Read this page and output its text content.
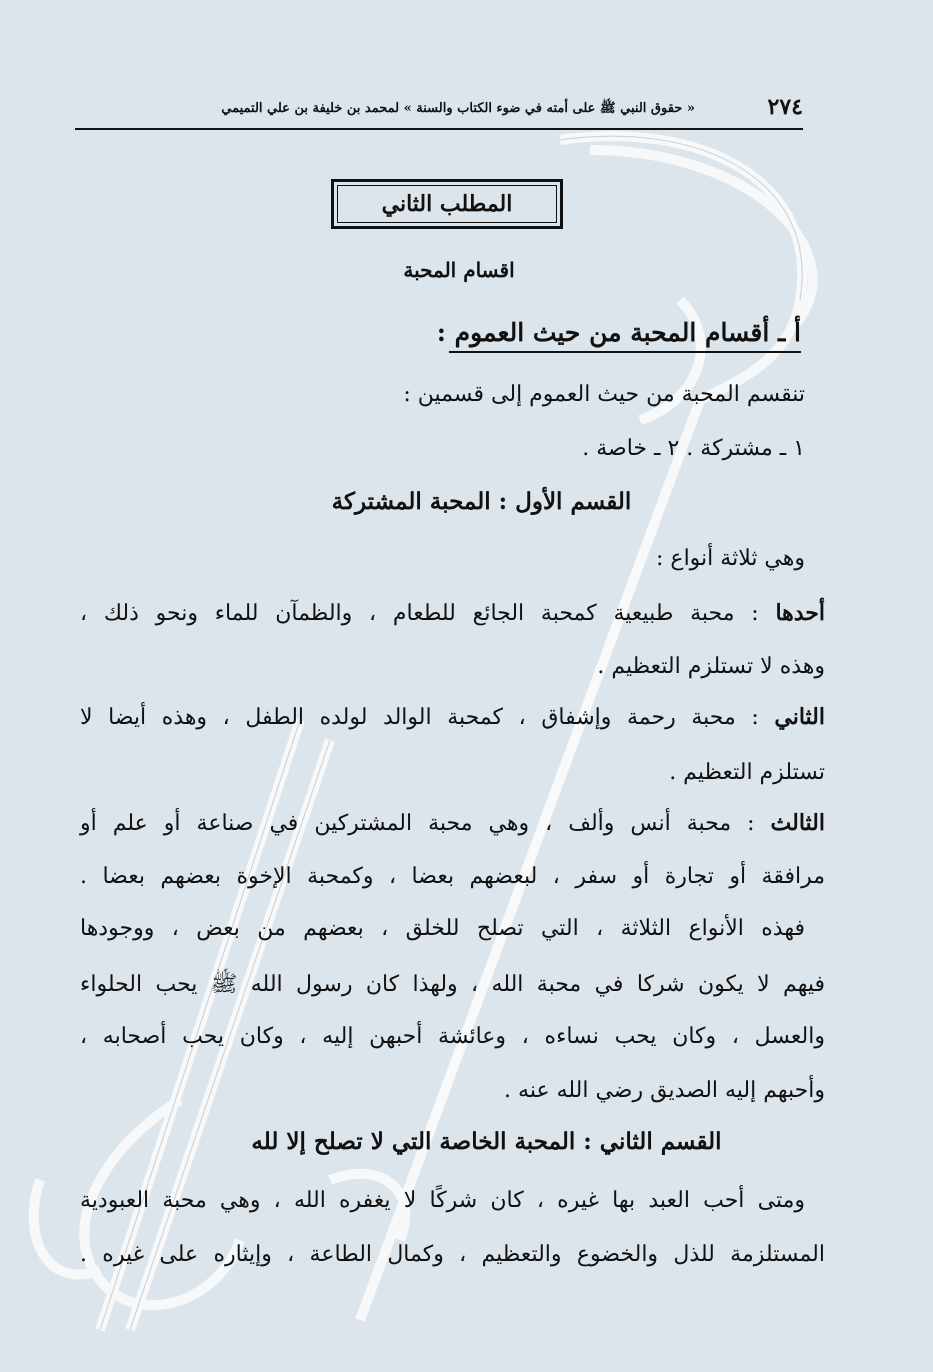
٢٧٤
« حقوق النبي ﷺ على أمته في ضوء الكتاب والسنة » لمحمد بن خليفة بن علي التميمي
المطلب الثاني
اقسام المحبة
أ ـ أقسام المحبة من حيث العموم :
تنقسم المحبة من حيث العموم إلى قسمين :
١ ـ مشتركة . ٢ ـ خاصة .
القسم الأول : المحبة المشتركة
وهي ثلاثة أنواع :
أحدها : محبة طبيعية كمحبة الجائع للطعام ، والظمآن للماء ونحو ذلك ،
وهذه لا تستلزم التعظيم .
الثاني : محبة رحمة وإشفاق ، كمحبة الوالد لولده الطفل ، وهذه أيضا لا
تستلزم التعظيم .
الثالث : محبة أنس وألف ، وهي محبة المشتركين في صناعة أو علم أو
مرافقة أو تجارة أو سفر ، لبعضهم بعضا ، وكمحبة الإخوة بعضهم بعضا .
فهذه الأنواع الثلاثة ، التي تصلح للخلق ، بعضهم من بعض ، ووجودها
فيهم لا يكون شركا في محبة الله ، ولهذا كان رسول الله ﷺ يحب الحلواء
والعسل ، وكان يحب نساءه ، وعائشة أحبهن إليه ، وكان يحب أصحابه ،
وأحبهم إليه الصديق رضي الله عنه .
القسم الثاني : المحبة الخاصة التي لا تصلح إلا لله
ومتى أحب العبد بها غيره ، كان شركًا لا يغفره الله ، وهي محبة العبودية
المستلزمة للذل والخضوع والتعظيم ، وكمال الطاعة ، وإيثاره على غيره .
